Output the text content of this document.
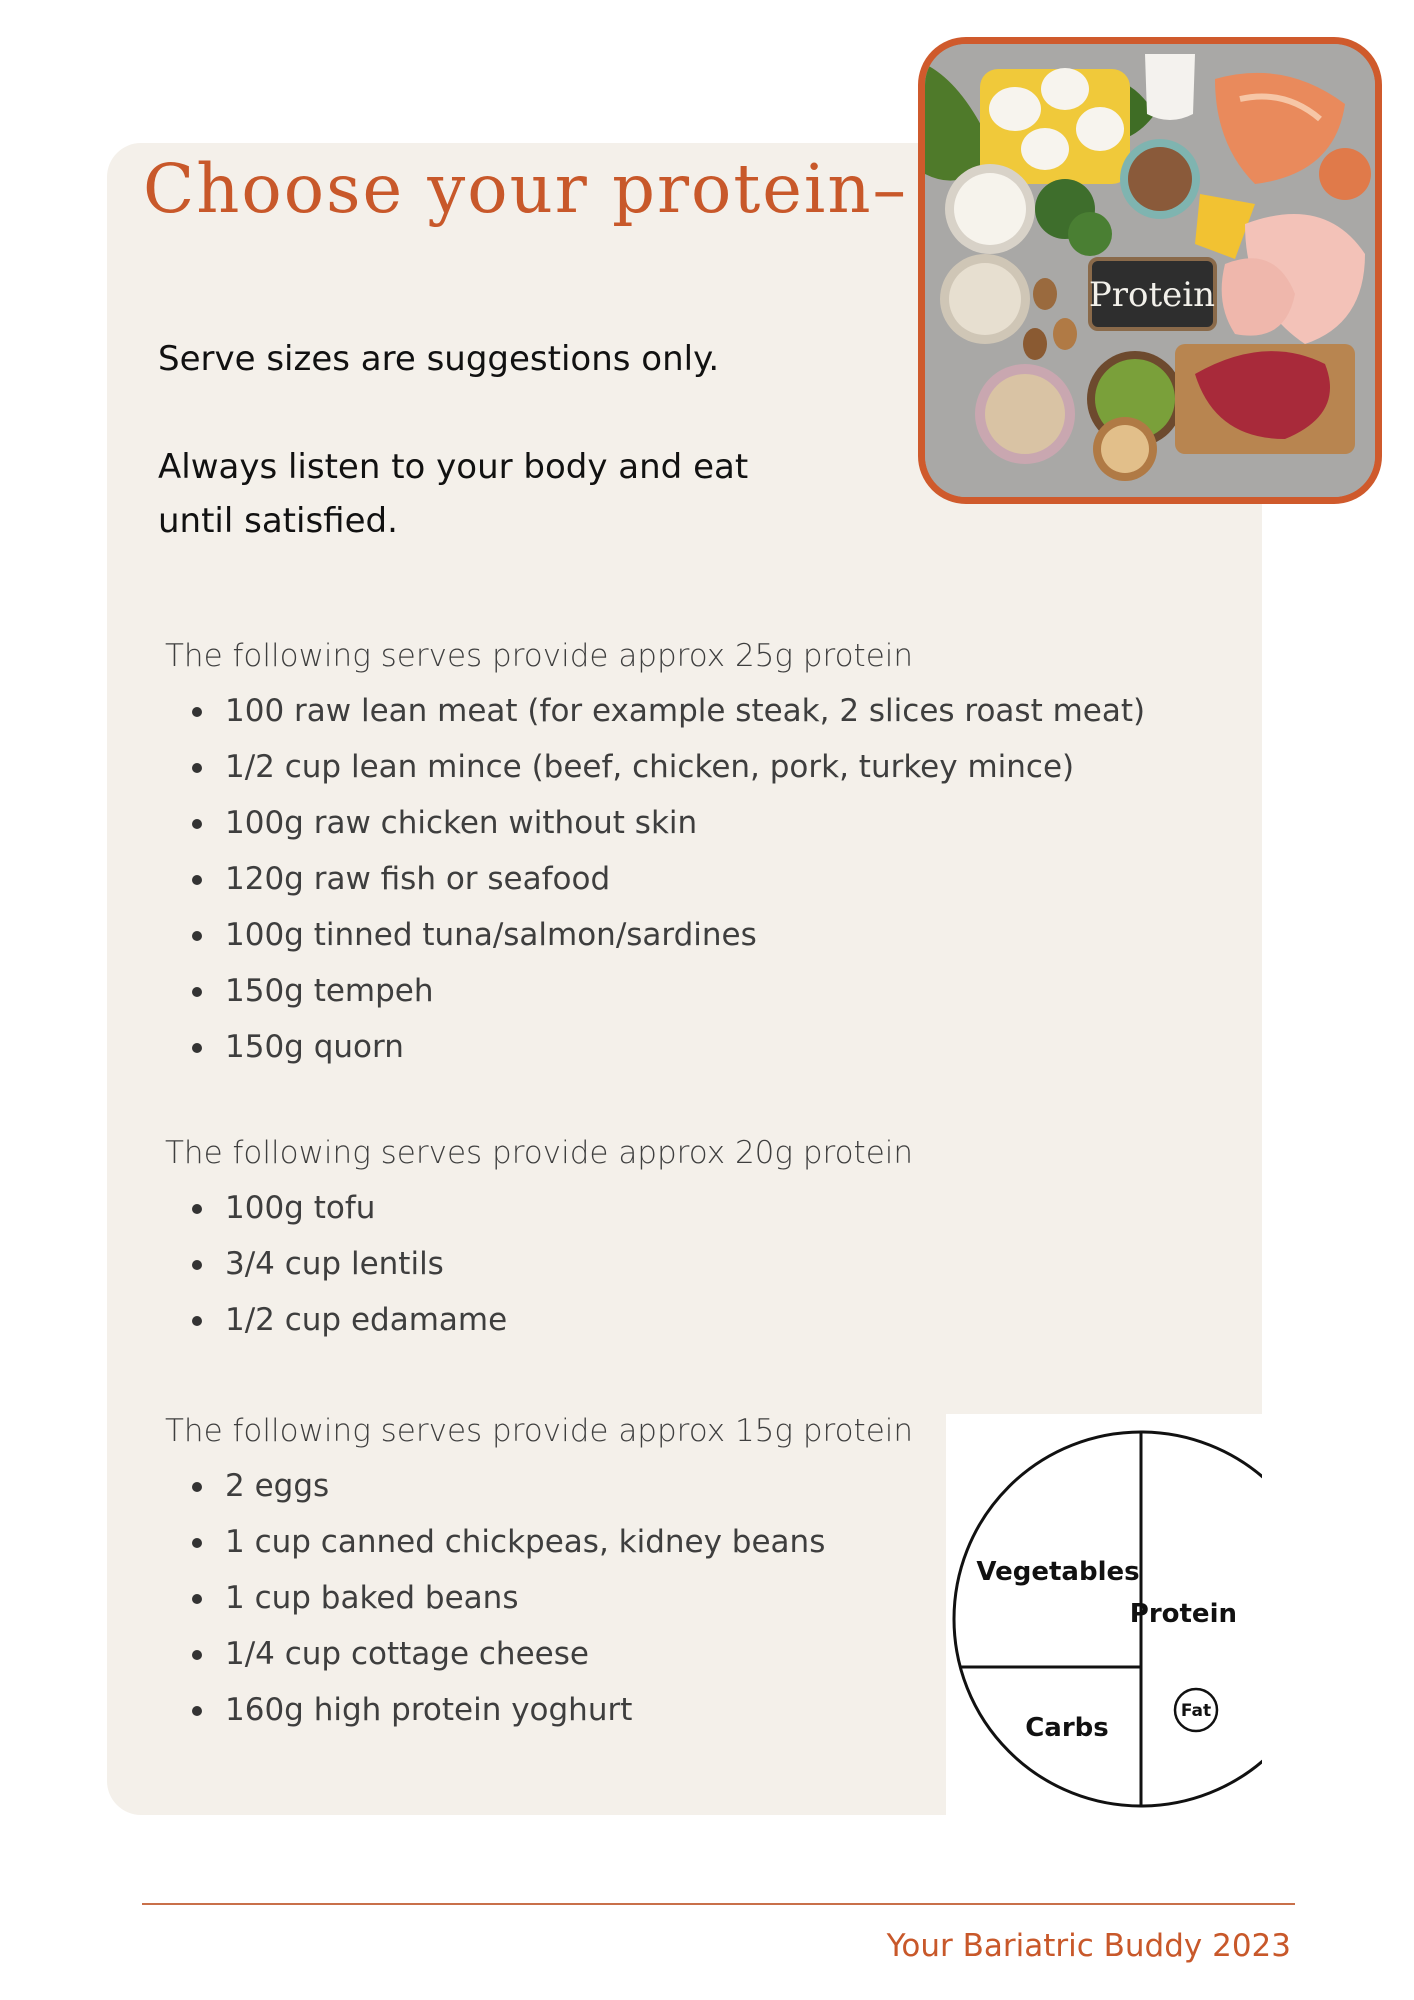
Choose your protein–
Protein

Serve sizes are suggestions only.

Always listen to your body and eat until satisfied.

The following serves provide approx 25g protein

100 raw lean meat (for example steak, 2 slices roast meat)
1/2 cup lean mince (beef, chicken, pork, turkey mince)
100g raw chicken without skin
120g raw fish or seafood
100g tinned tuna/salmon/sardines
150g tempeh
150g quorn

The following serves provide approx 20g protein

100g tofu
3/4 cup lentils
1/2 cup edamame

The following serves provide approx 15g protein

2 eggs
1 cup canned chickpeas, kidney beans
1 cup baked beans
1/4 cup cottage cheese
160g high protein yoghurt
Vegetables
Protein
Carbs
Fat

Your Bariatric Buddy 2023
